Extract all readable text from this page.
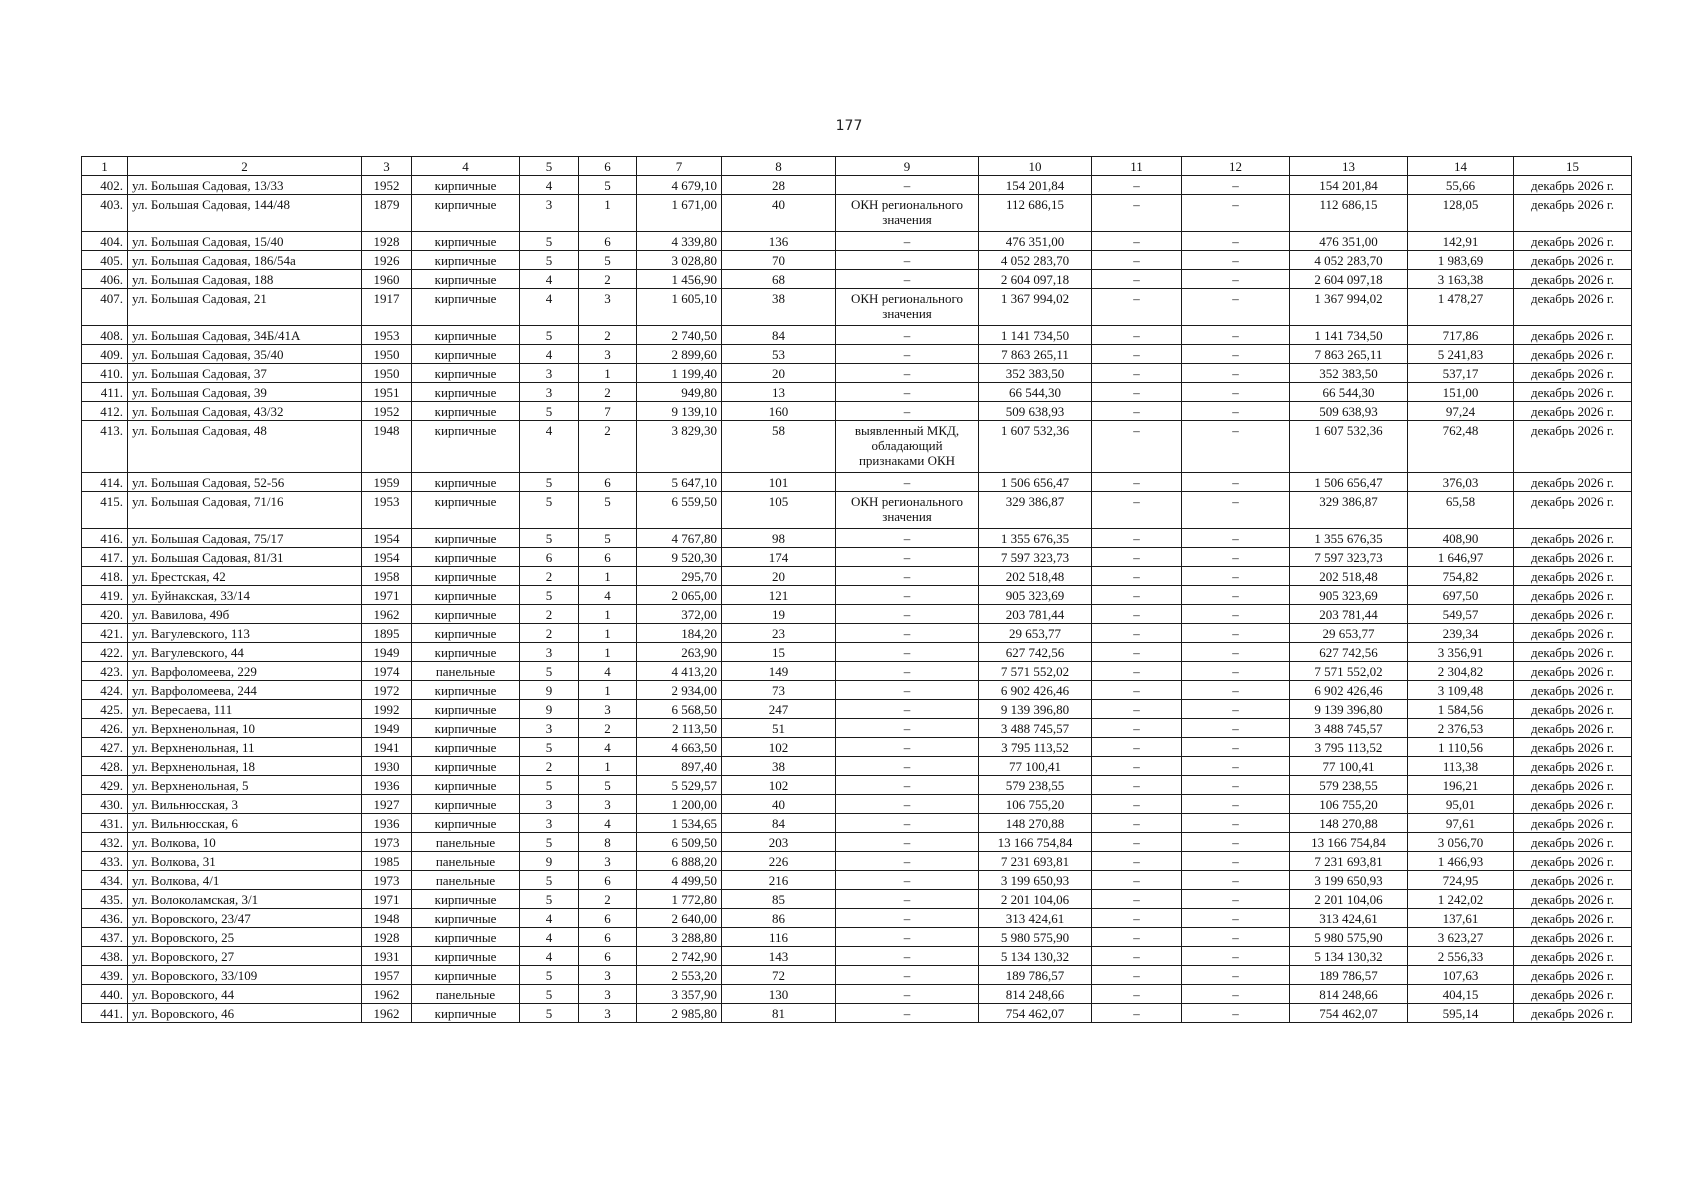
177
1	2	3	4	5	6	7	8	9	10	11	12	13	14	15
402.	ул. Большая Садовая, 13/33	1952	кирпичные	4	5	4 679,10	28	–	154 201,84	–	–	154 201,84	55,66	декабрь 2026 г.
403.	ул. Большая Садовая, 144/48	1879	кирпичные	3	1	1 671,00	40	ОКН регионального значения	112 686,15	–	–	112 686,15	128,05	декабрь 2026 г.
404.	ул. Большая Садовая, 15/40	1928	кирпичные	5	6	4 339,80	136	–	476 351,00	–	–	476 351,00	142,91	декабрь 2026 г.
405.	ул. Большая Садовая, 186/54а	1926	кирпичные	5	5	3 028,80	70	–	4 052 283,70	–	–	4 052 283,70	1 983,69	декабрь 2026 г.
406.	ул. Большая Садовая, 188	1960	кирпичные	4	2	1 456,90	68	–	2 604 097,18	–	–	2 604 097,18	3 163,38	декабрь 2026 г.
407.	ул. Большая Садовая, 21	1917	кирпичные	4	3	1 605,10	38	ОКН регионального значения	1 367 994,02	–	–	1 367 994,02	1 478,27	декабрь 2026 г.
408.	ул. Большая Садовая, 34Б/41А	1953	кирпичные	5	2	2 740,50	84	–	1 141 734,50	–	–	1 141 734,50	717,86	декабрь 2026 г.
409.	ул. Большая Садовая, 35/40	1950	кирпичные	4	3	2 899,60	53	–	7 863 265,11	–	–	7 863 265,11	5 241,83	декабрь 2026 г.
410.	ул. Большая Садовая, 37	1950	кирпичные	3	1	1 199,40	20	–	352 383,50	–	–	352 383,50	537,17	декабрь 2026 г.
411.	ул. Большая Садовая, 39	1951	кирпичные	3	2	949,80	13	–	66 544,30	–	–	66 544,30	151,00	декабрь 2026 г.
412.	ул. Большая Садовая, 43/32	1952	кирпичные	5	7	9 139,10	160	–	509 638,93	–	–	509 638,93	97,24	декабрь 2026 г.
413.	ул. Большая Садовая, 48	1948	кирпичные	4	2	3 829,30	58	выявленный МКД, обладающий признаками ОКН	1 607 532,36	–	–	1 607 532,36	762,48	декабрь 2026 г.
414.	ул. Большая Садовая, 52-56	1959	кирпичные	5	6	5 647,10	101	–	1 506 656,47	–	–	1 506 656,47	376,03	декабрь 2026 г.
415.	ул. Большая Садовая, 71/16	1953	кирпичные	5	5	6 559,50	105	ОКН регионального значения	329 386,87	–	–	329 386,87	65,58	декабрь 2026 г.
416.	ул. Большая Садовая, 75/17	1954	кирпичные	5	5	4 767,80	98	–	1 355 676,35	–	–	1 355 676,35	408,90	декабрь 2026 г.
417.	ул. Большая Садовая, 81/31	1954	кирпичные	6	6	9 520,30	174	–	7 597 323,73	–	–	7 597 323,73	1 646,97	декабрь 2026 г.
418.	ул. Брестская, 42	1958	кирпичные	2	1	295,70	20	–	202 518,48	–	–	202 518,48	754,82	декабрь 2026 г.
419.	ул. Буйнакская, 33/14	1971	кирпичные	5	4	2 065,00	121	–	905 323,69	–	–	905 323,69	697,50	декабрь 2026 г.
420.	ул. Вавилова, 49б	1962	кирпичные	2	1	372,00	19	–	203 781,44	–	–	203 781,44	549,57	декабрь 2026 г.
421.	ул. Вагулевского, 113	1895	кирпичные	2	1	184,20	23	–	29 653,77	–	–	29 653,77	239,34	декабрь 2026 г.
422.	ул. Вагулевского, 44	1949	кирпичные	3	1	263,90	15	–	627 742,56	–	–	627 742,56	3 356,91	декабрь 2026 г.
423.	ул. Варфоломеева, 229	1974	панельные	5	4	4 413,20	149	–	7 571 552,02	–	–	7 571 552,02	2 304,82	декабрь 2026 г.
424.	ул. Варфоломеева, 244	1972	кирпичные	9	1	2 934,00	73	–	6 902 426,46	–	–	6 902 426,46	3 109,48	декабрь 2026 г.
425.	ул. Вересаева, 111	1992	кирпичные	9	3	6 568,50	247	–	9 139 396,80	–	–	9 139 396,80	1 584,56	декабрь 2026 г.
426.	ул. Верхненольная, 10	1949	кирпичные	3	2	2 113,50	51	–	3 488 745,57	–	–	3 488 745,57	2 376,53	декабрь 2026 г.
427.	ул. Верхненольная, 11	1941	кирпичные	5	4	4 663,50	102	–	3 795 113,52	–	–	3 795 113,52	1 110,56	декабрь 2026 г.
428.	ул. Верхненольная, 18	1930	кирпичные	2	1	897,40	38	–	77 100,41	–	–	77 100,41	113,38	декабрь 2026 г.
429.	ул. Верхненольная, 5	1936	кирпичные	5	5	5 529,57	102	–	579 238,55	–	–	579 238,55	196,21	декабрь 2026 г.
430.	ул. Вильнюсская, 3	1927	кирпичные	3	3	1 200,00	40	–	106 755,20	–	–	106 755,20	95,01	декабрь 2026 г.
431.	ул. Вильнюсская, 6	1936	кирпичные	3	4	1 534,65	84	–	148 270,88	–	–	148 270,88	97,61	декабрь 2026 г.
432.	ул. Волкова, 10	1973	панельные	5	8	6 509,50	203	–	13 166 754,84	–	–	13 166 754,84	3 056,70	декабрь 2026 г.
433.	ул. Волкова, 31	1985	панельные	9	3	6 888,20	226	–	7 231 693,81	–	–	7 231 693,81	1 466,93	декабрь 2026 г.
434.	ул. Волкова, 4/1	1973	панельные	5	6	4 499,50	216	–	3 199 650,93	–	–	3 199 650,93	724,95	декабрь 2026 г.
435.	ул. Волоколамская, 3/1	1971	кирпичные	5	2	1 772,80	85	–	2 201 104,06	–	–	2 201 104,06	1 242,02	декабрь 2026 г.
436.	ул. Воровского, 23/47	1948	кирпичные	4	6	2 640,00	86	–	313 424,61	–	–	313 424,61	137,61	декабрь 2026 г.
437.	ул. Воровского, 25	1928	кирпичные	4	6	3 288,80	116	–	5 980 575,90	–	–	5 980 575,90	3 623,27	декабрь 2026 г.
438.	ул. Воровского, 27	1931	кирпичные	4	6	2 742,90	143	–	5 134 130,32	–	–	5 134 130,32	2 556,33	декабрь 2026 г.
439.	ул. Воровского, 33/109	1957	кирпичные	5	3	2 553,20	72	–	189 786,57	–	–	189 786,57	107,63	декабрь 2026 г.
440.	ул. Воровского, 44	1962	панельные	5	3	3 357,90	130	–	814 248,66	–	–	814 248,66	404,15	декабрь 2026 г.
441.	ул. Воровского, 46	1962	кирпичные	5	3	2 985,80	81	–	754 462,07	–	–	754 462,07	595,14	декабрь 2026 г.
